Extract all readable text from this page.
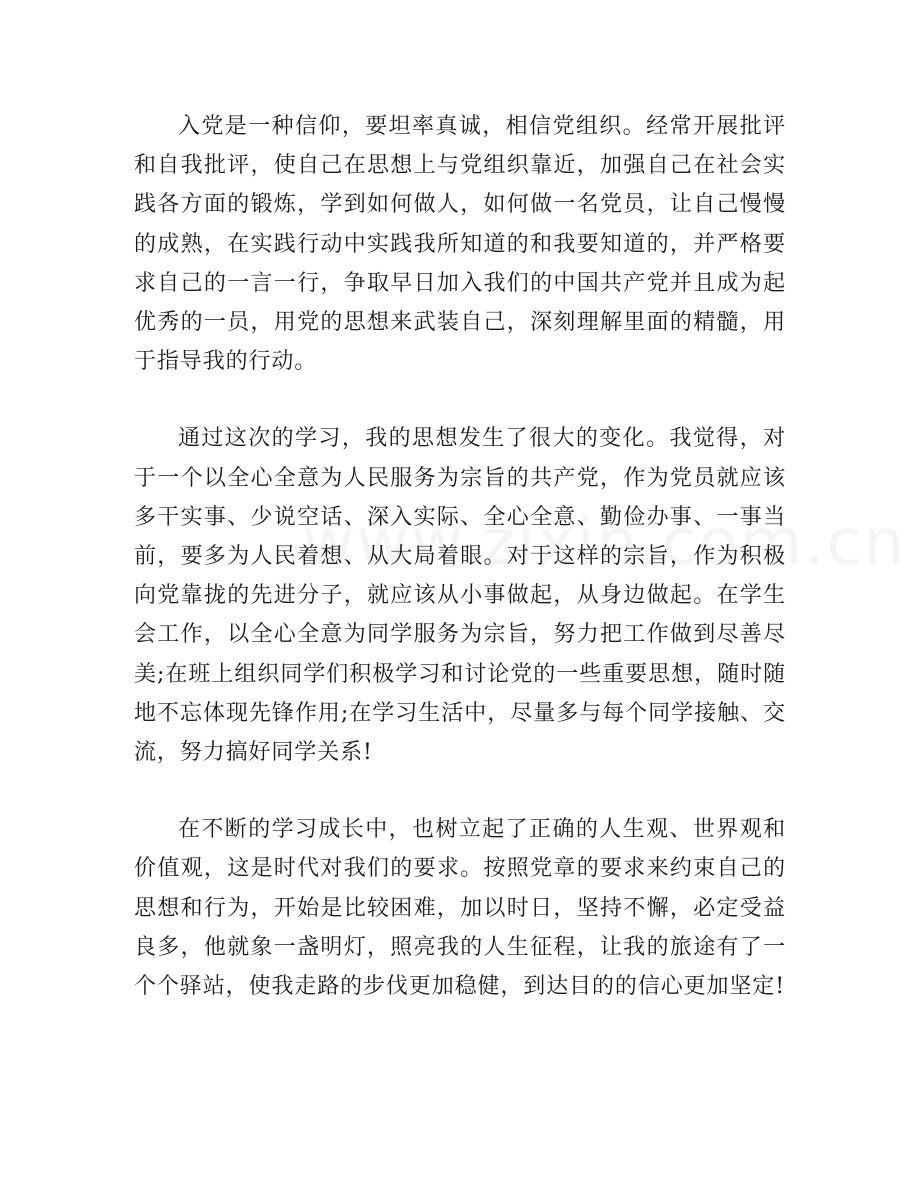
入党是一种信仰，要坦率真诚，相信党组织。经常开展批评和自我批评，使自己在思想上与党组织靠近，加强自己在社会实践各方面的锻炼，学到如何做人，如何做一名党员，让自己慢慢的成熟，在实践行动中实践我所知道的和我要知道的，并严格要求自己的一言一行，争取早日加入我们的中国共产党并且成为起优秀的一员，用党的思想来武装自己，深刻理解里面的精髓，用于指导我的行动。

通过这次的学习，我的思想发生了很大的变化。我觉得，对于一个以全心全意为人民服务为宗旨的共产党，作为党员就应该多干实事、少说空话、深入实际、全心全意、勤俭办事、一事当前，要多为人民着想、从大局着眼。对于这样的宗旨，作为积极向党靠拢的先进分子，就应该从小事做起，从身边做起。在学生会工作，以全心全意为同学服务为宗旨，努力把工作做到尽善尽美;在班上组织同学们积极学习和讨论党的一些重要思想，随时随地不忘体现先锋作用;在学习生活中，尽量多与每个同学接触、交流，努力搞好同学关系!

在不断的学习成长中，也树立起了正确的人生观、世界观和价值观，这是时代对我们的要求。按照党章的要求来约束自己的思想和行为，开始是比较困难，加以时日，坚持不懈，必定受益良多，他就象一盏明灯，照亮我的人生征程，让我的旅途有了一个个驿站，使我走路的步伐更加稳健，到达目的的信心更加坚定!
